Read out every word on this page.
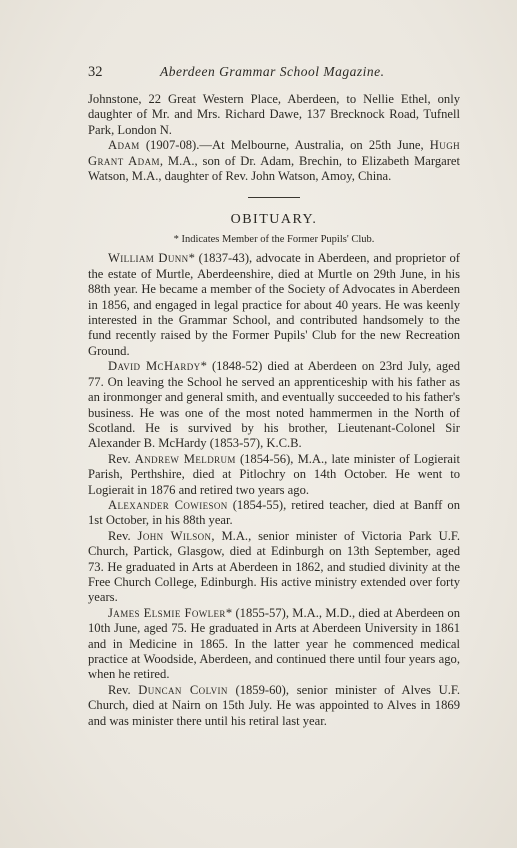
32	Aberdeen Grammar School Magazine.

Johnstone, 22 Great Western Place, Aberdeen, to Nellie Ethel, only daughter of Mr. and Mrs. Richard Dawe, 137 Brecknock Road, Tufnell Park, London N.

Adam (1907-08).—At Melbourne, Australia, on 25th June, Hugh Grant Adam, M.A., son of Dr. Adam, Brechin, to Elizabeth Margaret Watson, M.A., daughter of Rev. John Watson, Amoy, China.

OBITUARY.
* Indicates Member of the Former Pupils' Club.

William Dunn* (1837-43), advocate in Aberdeen, and proprietor of the estate of Murtle, Aberdeenshire, died at Murtle on 29th June, in his 88th year. He became a member of the Society of Advocates in Aberdeen in 1856, and engaged in legal practice for about 40 years. He was keenly interested in the Grammar School, and contributed handsomely to the fund recently raised by the Former Pupils' Club for the new Recreation Ground.

David McHardy* (1848-52) died at Aberdeen on 23rd July, aged 77. On leaving the School he served an apprenticeship with his father as an ironmonger and general smith, and eventually succeeded to his father's business. He was one of the most noted hammermen in the North of Scotland. He is survived by his brother, Lieutenant-Colonel Sir Alexander B. McHardy (1853-57), K.C.B.

Rev. Andrew Meldrum (1854-56), M.A., late minister of Logierait Parish, Perthshire, died at Pitlochry on 14th October. He went to Logierait in 1876 and retired two years ago.

Alexander Cowieson (1854-55), retired teacher, died at Banff on 1st October, in his 88th year.

Rev. John Wilson, M.A., senior minister of Victoria Park U.F. Church, Partick, Glasgow, died at Edinburgh on 13th September, aged 73. He graduated in Arts at Aberdeen in 1862, and studied divinity at the Free Church College, Edinburgh. His active ministry extended over forty years.

James Elsmie Fowler* (1855-57), M.A., M.D., died at Aberdeen on 10th June, aged 75. He graduated in Arts at Aberdeen University in 1861 and in Medicine in 1865. In the latter year he commenced medical practice at Woodside, Aberdeen, and continued there until four years ago, when he retired.

Rev. Duncan Colvin (1859-60), senior minister of Alves U.F. Church, died at Nairn on 15th July. He was appointed to Alves in 1869 and was minister there until his retiral last year.
